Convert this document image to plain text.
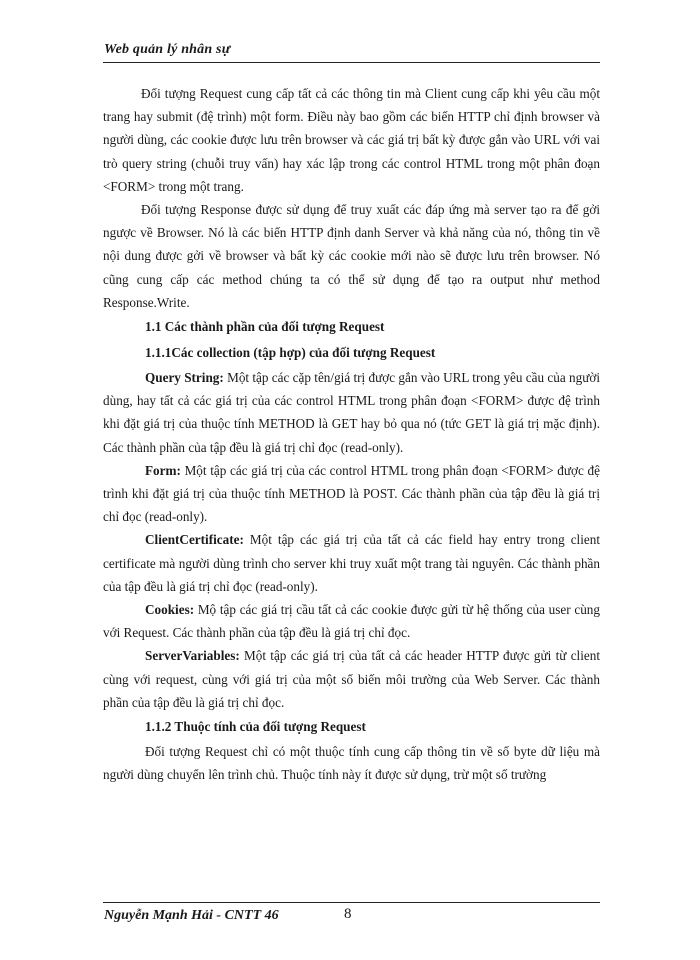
Web quản lý nhân sự

Đối tượng Request cung cấp tất cả các thông tin mà Client cung cấp khi yêu cầu một trang hay submit (đệ trình) một form. Điều này bao gồm các biến HTTP chỉ định browser và người dùng, các cookie được lưu trên browser và các giá trị bất kỳ được gắn vào URL với vai trò query string (chuỗi truy vấn) hay xác lập trong các control HTML trong một phân đoạn <FORM> trong một trang.

Đối tượng Response được sử dụng để truy xuất các đáp ứng mà server tạo ra để gởi ngược về Browser. Nó là các biến HTTP định danh Server và khả năng của nó, thông tin về nội dung được gởi về browser và bất kỳ các cookie mới nào sẽ được lưu trên browser. Nó cũng cung cấp các method chúng ta có thể sử dụng để tạo ra output như method Response.Write.

1.1 Các thành phần của đối tượng Request
1.1.1Các collection (tập hợp) của đối tượng Request

Query String: Một tập các cặp tên/giá trị được gắn vào URL trong yêu cầu của người dùng, hay tất cả các giá trị của các control HTML trong phân đoạn <FORM> được đệ trình khi đặt giá trị của thuộc tính METHOD là GET hay bỏ qua nó (tức GET là giá trị mặc định). Các thành phần của tập đều là giá trị chỉ đọc (read-only).

Form: Một tập các giá trị của các control HTML trong phân đoạn <FORM> được đệ trình khi đặt giá trị của thuộc tính METHOD là POST. Các thành phần của tập đều là giá trị chỉ đọc (read-only).

ClientCertificate: Một tập các giá trị của tất cả các field hay entry trong client certificate mà người dùng trình cho server khi truy xuất một trang tài nguyên. Các thành phần của tập đều là giá trị chỉ đọc (read-only).

Cookies: Mộ tập các giá trị cầu tất cả các cookie được gửi từ hệ thống của user cùng với Request. Các thành phần của tập đều là giá trị chỉ đọc.

ServerVariables: Một tập các giá trị của tất cả các header HTTP được gửi từ client cùng với request, cùng với giá trị của một số biến môi trường của Web Server. Các thành phần của tập đều là giá trị chỉ đọc.

1.1.2 Thuộc tính của đối tượng Request

Đối tượng Request chỉ có một thuộc tính cung cấp thông tin về số byte dữ liệu mà người dùng chuyển lên trình chủ. Thuộc tính này ít được sử dụng, trừ một số trường

Nguyễn Mạnh Hải - CNTT 46	8
